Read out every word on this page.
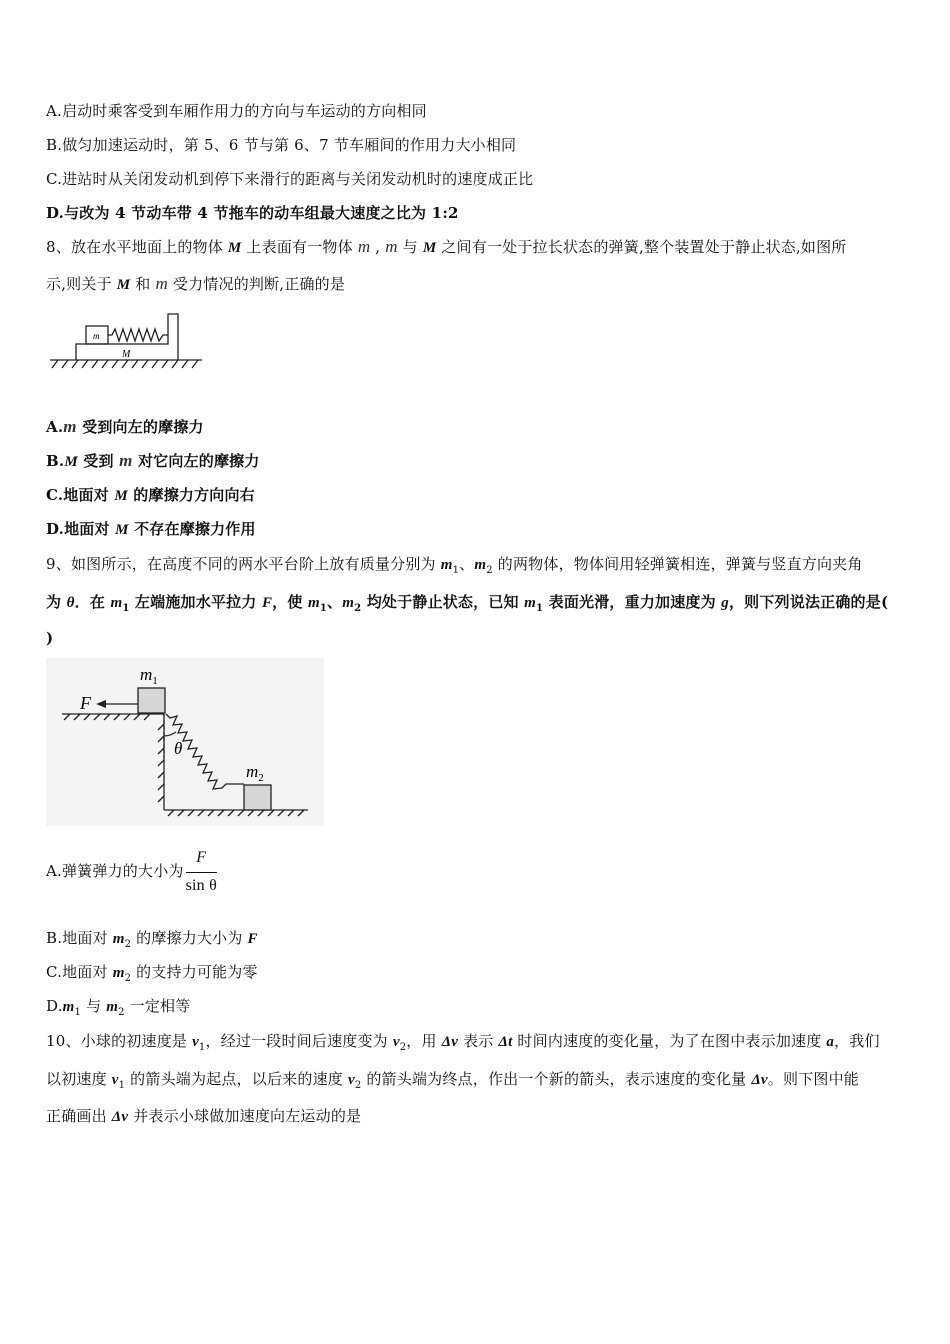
A.启动时乘客受到车厢作用力的方向与车运动的方向相同
B.做匀加速运动时，第 5、6 节与第 6、7 节车厢间的作用力大小相同
C.进站时从关闭发动机到停下来滑行的距离与关闭发动机时的速度成正比
D.与改为 4 节动车带 4 节拖车的动车组最大速度之比为 1:2
8、放在水平地面上的物体 M 上表面有一物体 m , m 与 M 之间有一处于拉长状态的弹簧,整个装置处于静止状态,如图所
示,则关于 M 和 m 受力情况的判断,正确的是
m
M
A.m 受到向左的摩擦力
B.M 受到 m 对它向左的摩擦力
C.地面对 M 的摩擦力方向向右
D.地面对 M 不存在摩擦力作用
9、如图所示，在高度不同的两水平台阶上放有质量分别为 $m_1$、$m_2$ 的两物体，物体间用轻弹簧相连，弹簧与竖直方向夹角
为 θ．在 $m_1$ 左端施加水平拉力 F，使 $m_1$、$m_2$ 均处于静止状态，已知 $m_1$ 表面光滑，重力加速度为 g，则下列说法正确的是(
)
F
$m_1$
$m_2$
θ
A.弹簧弹力的大小为 $\frac{F}{\text{sin θ}}$
B.地面对 $m_2$ 的摩擦力大小为 F
C.地面对 $m_2$ 的支持力可能为零
$D.m_1$ 与 $m_2$ 一定相等
10、小球的初速度是 $v_1$，经过一段时间后速度变为 $v_2$，用 Δv 表示 Δt 时间内速度的变化量，为了在图中表示加速度 a，我们
以初速度 $v_1$ 的箭头端为起点，以后来的速度 $v_2$ 的箭头端为终点，作出一个新的箭头，表示速度的变化量 Δv。则下图中能
正确画出 Δv 并表示小球做加速度向左运动的是
